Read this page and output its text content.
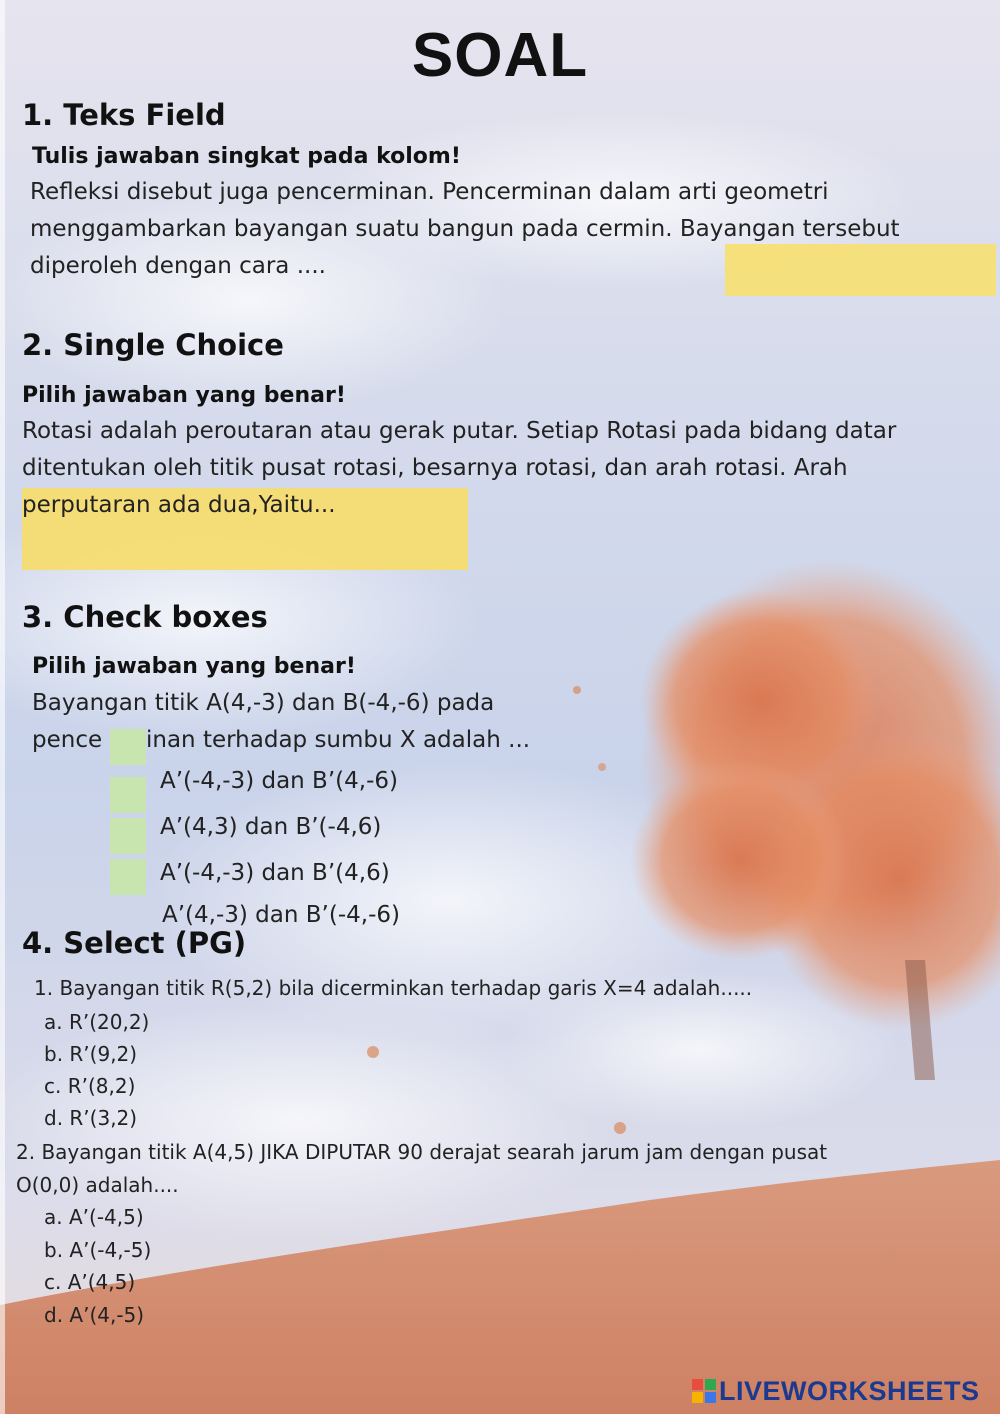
SOAL
1. Teks Field
Tulis jawaban singkat pada kolom!
Refleksi disebut juga pencerminan. Pencerminan dalam arti geometri
menggambarkan bayangan suatu bangun pada cermin. Bayangan tersebut
diperoleh dengan cara ....
2. Single Choice
Pilih jawaban yang benar!
Rotasi adalah peroutaran atau gerak putar. Setiap Rotasi pada bidang datar
ditentukan oleh titik pusat rotasi, besarnya rotasi, dan arah rotasi. Arah
perputaran ada dua,Yaitu...
3. Check boxes
Pilih jawaban yang benar!
Bayangan titik A(4,-3) dan B(-4,-6) pada
pence inan terhadap sumbu X adalah ...
A’(-4,-3) dan B’(4,-6)
A’(4,3) dan B’(-4,6)
A’(-4,-3) dan B’(4,6)
A’(4,-3) dan B’(-4,-6)
4. Select (PG)
1. Bayangan titik R(5,2) bila dicerminkan terhadap garis X=4 adalah.....
a. R’(20,2)
b. R’(9,2)
c. R’(8,2)
d. R’(3,2)
2. Bayangan titik A(4,5) JIKA DIPUTAR 90 derajat searah jarum jam dengan pusat
O(0,0) adalah....
a. A’(-4,5)
b. A’(-4,-5)
c. A’(4,5)
d. A’(4,-5)
LIVEWORKSHEETS
